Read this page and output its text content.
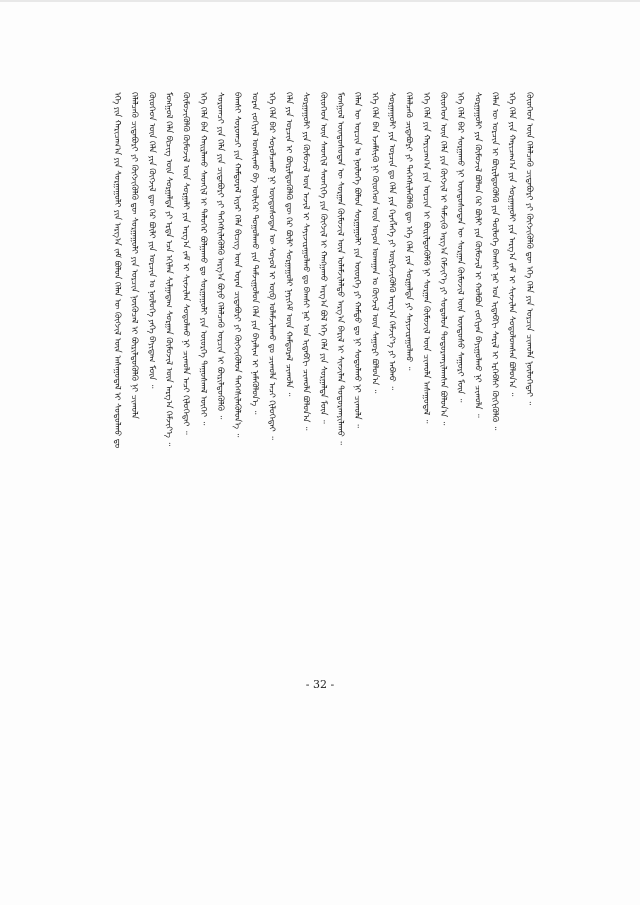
ᠡᠬᠡ ᠶᠢᠨ ᠬᠠᠷᠢᠴᠠᠭ᠎ᠠ ᠶᠢᠨ ᠰᠤᠷᠭᠠᠭᠤᠯᠢ ᠶᠢᠨ ᠠᠷᠭ᠎ᠠ ᠵᠠᠮ ᠪᠤᠯᠤᠨ ᠬᠡᠯᠡᠨ ᠦ ᠬᠦᠭᠵᠢᠯ ᠦᠨ ᠠᠰᠠᠭᠤᠳᠠᠯ ᠢ ᠰᠤᠳᠤᠯᠬᠤ ᠳᠤ ᠬᠡᠯᠡᠯᠴᠡᠬᠦ ᠴᠢᠳᠠᠪᠤᠷᠢ ᠶᠢ ᠬᠥᠭᠵᠢᠭᠦᠯᠬᠦ ᠳᠦ ᠰᠤᠷᠭᠠᠭᠤᠯᠢ ᠶᠢᠨ ᠣᠷᠴᠢᠨ ᠨᠥᠬᠦᠴᠡᠯ ᠢ ᠪᠦᠷᠢᠯᠳᠦᠭᠦᠯᠬᠦ ᠨᠢ ᠴᠢᠬᠤᠯᠠ ᠬᠦᠦᠬᠡᠳ ᠦᠨ ᠬᠡᠯᠡ ᠶᠢᠨ ᠬᠥᠭᠵᠢᠯ ᠳᠦ ᠭᠡᠷ ᠪᠦᠯᠢ ᠶᠢᠨ ᠣᠷᠴᠢᠨ ᠤ ᠨᠥᠯᠥᠭᠡ ᠶᠡᠬᠡ ᠪᠠᠶᠢᠳᠠᠭ ᠮᠥᠨ ᠃ ᠮᠣᠩᠭᠣᠯ ᠬᠡᠯᠡ ᠪᠢᠴᠢᠭ ᠦᠨ ᠰᠤᠷᠭᠠᠯᠳᠠ ᠶᠢ ᠡᠷᠲᠡ ᠡᠴᠡ ᠡᠬᠢᠯᠡᠨ ᠰᠢᠯᠭᠠᠳᠠᠭ ᠰᠤᠷᠭᠠᠨ ᠬᠦᠮᠦᠵᠢᠯ ᠦᠨ ᠠᠷᠭ᠎ᠠ ᠬᠡᠮᠵᠢᠶ᠎ᠡ ᠃ ᠬᠦᠮᠦᠵᠢᠭᠦᠯᠬᠦ ᠬᠦᠮᠦᠵᠢᠯ ᠦᠨ ᠰᠤᠷᠭᠠᠯᠢ ᠶᠢᠨ ᠠᠷᠭ᠎ᠠ ᠵᠠᠮ ᠢ ᠰᠢᠨᠵᠢᠯᠡᠨ ᠰᠤᠳᠤᠯᠬᠤ ᠨᠢ ᠴᠢᠬᠤᠯᠠ ᠠᠴᠢ ᠬᠢᠯᠤᠭᠡᠳᠡᠢ ᠃ ᠡᠬᠡ ᠬᠡᠯᠡ ᠪᠡᠨ ᠬᠠᠢᠷᠯᠠᠬᠤ ᠰᠡᠳᠬᠢᠯ ᠢ ᠲᠡᠯᠦᠭᠡᠷ ᠪᠤᠯᠭᠠᠬᠤ ᠳᠤ ᠰᠤᠷᠭᠠᠭᠤᠯᠢ ᠶᠢᠨ ᠦᠦᠷᠭᠡ ᠳᠠᠭᠤᠰᠬᠠᠯ ᠦᠭᠡᠢ ᠃ ᠰᠤᠷᠤᠭᠴᠢ ᠶᠢᠨ ᠬᠡᠯᠡ ᠶᠢᠨ ᠴᠢᠳᠠᠪᠤᠷᠢ ᠶᠢ ᠳᠡᠭᠡᠭᠰᠢᠯᠡᠭᠦᠯᠬᠦ ᠠᠷᠭ᠎ᠠ ᠪᠤᠶᠤ ᠬᠡᠯᠡᠯᠴᠡᠬᠦ ᠣᠷᠴᠢᠨ ᠢ ᠪᠦᠷᠢᠯᠳᠦᠭᠦᠯᠬᠦ ᠃ ᠪᠠᠭᠰᠢ ᠰᠤᠷᠤᠭᠴᠢ ᠶᠢᠨ ᠬᠠᠮᠲᠤᠷᠠᠯ ᠢᠶᠡᠷ ᠬᠡᠯᠡ ᠪᠢᠴᠢᠭ ᠦᠨ ᠤᠷᠠᠨ ᠴᠢᠳᠠᠪᠤᠷᠢ ᠶᠢ ᠬᠥᠭᠵᠢᠭᠦᠯᠦᠨ ᠳᠡᠭᠡᠭᠰᠢᠯᠡᠭᠦᠯᠦᠨ᠎ᠡ ᠃ ᠤᠷᠠᠨ ᠵᠣᠬᠢᠶᠠᠯ ᠤᠩᠰᠢᠬᠤ ᠪᠠ ᠦᠯᠢᠭᠡᠷ ᠳᠤᠭᠤᠯᠠᠬᠤ ᠶᠢᠨ ᠳᠠᠮᠵᠢᠭᠤᠯᠤᠨ ᠬᠡᠯᠡ ᠶᠢᠨ ᠪᠠᠶᠠᠯᠢᠭ ᠢ ᠨᠡᠮᠡᠭᠦᠯᠦᠨ᠎ᠡ ᠃ ᠡᠬᠡ ᠬᠡᠯᠡ ᠪᠡᠷ ᠰᠤᠷᠤᠯᠴᠠᠬᠤ ᠨᠢ ᠦᠨᠳᠦᠰᠦᠲᠡᠨ ᠦ ᠰᠣᠶᠤᠯ ᠢ ᠥᠪ ᠤᠯᠠᠮᠵᠢᠯᠠᠬᠤ ᠳᠤ ᠴᠢᠬᠤᠯᠠ ᠠᠴᠢ ᠬᠢᠯᠤᠭᠡᠳᠡᠢ ᠃ ᠬᠡᠯᠡ ᠶᠢᠨ ᠣᠷᠴᠢᠨ ᠢ ᠪᠦᠷᠢᠯᠳᠦᠭᠦᠯᠬᠦ ᠳᠦ ᠭᠡᠷ ᠪᠦᠯᠢ ᠰᠤᠷᠭᠠᠭᠤᠯᠢ ᠨᠡᠶᠢᠭᠡᠮ ᠦᠨ ᠬᠠᠮᠲᠤᠷᠠᠯ ᠴᠢᠬᠤᠯᠠ ᠃ ᠰᠤᠷᠭᠠᠭᠤᠯᠢ ᠶᠢᠨ ᠬᠦᠮᠦᠵᠢᠯ ᠦᠨ ᠠᠵᠢᠯ ᠢ ᠰᠠᠶᠢᠵᠢᠷᠠᠭᠤᠯᠬᠤ ᠳᠤ ᠪᠠᠭᠰᠢ ᠨᠠᠷ ᠤᠨ ᠢᠳᠡᠪᠬᠢ ᠴᠢᠬᠤᠯᠠ ᠪᠤᠯᠤᠨ᠎ᠠ ᠃ ᠬᠦᠦᠬᠡᠳ ᠦᠨ ᠰᠡᠳᠬᠢᠯ ᠰᠡᠳᠬᠢᠭᠡ ᠶᠢᠨ ᠬᠥᠭᠵᠢᠯ ᠢ ᠬᠠᠩᠭᠠᠬᠤ ᠠᠷᠭ᠎ᠠ ᠪᠤᠯ ᠡᠬᠡ ᠬᠡᠯᠡ ᠶᠢᠨ ᠰᠤᠷᠭᠠᠯᠳᠠ ᠮᠥᠨ ᠃ ᠮᠣᠩᠭᠣᠯ ᠦᠨᠳᠦᠰᠦᠲᠡᠨ ᠦ ᠰᠤᠷᠭᠠᠨ ᠬᠦᠮᠦᠵᠢᠯ ᠦᠨ ᠤᠯᠠᠮᠵᠢᠯᠠᠯᠲᠤ ᠠᠷᠭ᠎ᠠ ᠪᠠᠷᠢᠯ ᠢ ᠰᠢᠨᠵᠢᠯᠡᠨ ᠲᠣᠳᠤᠷᠬᠠᠶᠢᠯᠠᠬᠤ ᠃ ᠬᠡᠯᠡᠨ ᠦ ᠣᠷᠴᠢᠨ ᠤ ᠨᠥᠯᠥᠭᠡ ᠪᠤᠯᠤᠨ ᠰᠤᠷᠭᠠᠭᠤᠯᠢ ᠶᠢᠨ ᠦᠦᠷᠭᠡ ᠶᠢ ᠬᠠᠮᠲᠤ ᠳᠤ ᠨᠢ ᠰᠤᠳᠤᠯᠬᠤ ᠨᠢ ᠴᠢᠬᠤᠯᠠ ᠃ ᠡᠬᠡ ᠬᠡᠯᠡ ᠪᠡᠨ ᠡᠵᠡᠮᠰᠢᠬᠦ ᠨᠢ ᠬᠦᠦᠬᠡᠳ ᠦᠨ ᠣᠶᠤᠨ ᠤᠬᠠᠭᠠᠨ ᠤ ᠬᠥᠭᠵᠢᠯ ᠦᠨ ᠰᠠᠭᠤᠷᠢ ᠪᠤᠯᠤᠨ᠎ᠠ ᠃ ᠰᠤᠷᠭᠠᠭᠤᠯᠢ ᠶᠢᠨ ᠣᠷᠴᠢᠨ ᠳᠤ ᠬᠡᠯᠡ ᠶᠢᠨ ᠬᠡᠷᠡᠭᠯᠡᠭᠡ ᠶᠢ ᠥᠷᠭᠡᠵᠢᠭᠦᠯᠬᠦ ᠠᠷᠭ᠎ᠠ ᠬᠡᠮᠵᠢᠶ᠎ᠡ ᠶᠢ ᠠᠪᠬᠤ ᠃ ᠬᠡᠯᠡᠯᠴᠡᠬᠦ ᠴᠢᠳᠠᠪᠤᠷᠢ ᠶᠢ ᠳᠡᠭᠡᠭᠰᠢᠯᠡᠭᠦᠯᠬᠦ ᠳᠦ ᠡᠬᠡ ᠬᠡᠯᠡ ᠶᠢᠨ ᠰᠤᠷᠭᠠᠯᠳᠠ ᠶᠢ ᠰᠠᠶᠢᠵᠢᠷᠠᠭᠤᠯᠬᠤ ᠃ ᠡᠬᠡ ᠬᠡᠯᠡ ᠶᠢᠨ ᠬᠠᠷᠢᠴᠠᠭ᠎ᠠ ᠶᠢᠨ ᠣᠷᠴᠢᠨ ᠢ ᠪᠦᠷᠢᠯᠳᠦᠭᠦᠯᠬᠦ ᠨᠢ ᠰᠤᠷᠭᠠᠨ ᠬᠦᠮᠦᠵᠢᠯ ᠦᠨ ᠴᠢᠬᠤᠯᠠ ᠠᠰᠠᠭᠤᠳᠠᠯ ᠃ ᠬᠦᠦᠬᠡᠳ ᠦᠨ ᠬᠡᠯᠡ ᠶᠢᠨ ᠬᠥᠭᠵᠢᠯ ᠢ ᠳᠡᠮᠵᠢᠬᠦ ᠠᠷᠭ᠎ᠠ ᠬᠡᠮᠵᠢᠶ᠎ᠡ ᠶᠢ ᠰᠤᠳᠤᠯᠤᠨ ᠲᠣᠳᠤᠷᠬᠠᠶᠢᠯᠠᠭᠰᠠᠨ ᠪᠣᠯᠤᠨ᠎ᠠ ᠃ ᠡᠬᠡ ᠬᠡᠯᠡ ᠪᠡᠷ ᠰᠤᠷᠭᠠᠬᠤ ᠨᠢ ᠦᠨᠳᠦᠰᠦᠲᠡᠨ ᠦ ᠰᠤᠷᠭᠠᠨ ᠬᠦᠮᠦᠵᠢᠯ ᠦᠨ ᠦᠨᠳᠦᠰᠦ ᠰᠠᠭᠤᠷᠢ ᠮᠥᠨ ᠃ ᠰᠤᠷᠭᠠᠭᠤᠯᠢ ᠶᠢᠨ ᠬᠦᠮᠦᠵᠢᠯ ᠪᠤᠯᠤᠨ ᠭᠡᠷ ᠪᠦᠯᠢ ᠶᠢᠨ ᠬᠦᠮᠦᠵᠢᠯ ᠢ ᠬᠣᠯᠪᠣᠨ ᠵᠣᠬᠢᠶᠠᠨ ᠪᠠᠶᠢᠭᠤᠯᠬᠤ ᠨᠢ ᠴᠢᠬᠤᠯᠠ ᠃ ᠬᠡᠯᠡᠨ ᠦ ᠣᠷᠴᠢᠨ ᠢ ᠪᠦᠷᠢᠯᠳᠦᠭᠦᠯᠬᠦ ᠶᠢᠨ ᠲᠥᠯᠥᠭᠡ ᠪᠠᠭᠰᠢ ᠨᠠᠷ ᠤᠨ ᠢᠳᠡᠪᠬᠢ ᠰᠠᠷᠢᠯ ᠢ ᠡᠷᠬᠡᠪᠰᠢ ᠬᠥᠬᠢᠭᠦᠯᠬᠦ ᠃ ᠡᠬᠡ ᠬᠡᠯᠡ ᠶᠢᠨ ᠬᠠᠷᠢᠴᠠᠭ᠎ᠠ ᠶᠢᠨ ᠰᠤᠷᠭᠠᠭᠤᠯᠢ ᠶᠢᠨ ᠠᠷᠭ᠎ᠠ ᠵᠠᠮ ᠢ ᠰᠢᠨᠵᠢᠯᠡᠨ ᠰᠤᠳᠤᠯᠤᠭᠰᠠᠨ ᠪᠣᠯᠤᠨ᠎ᠠ ᠃ ᠬᠦᠦᠬᠡᠳ ᠦᠨ ᠬᠡᠯᠡᠯᠴᠡᠬᠦ ᠴᠢᠳᠠᠪᠤᠷᠢ ᠶᠢ ᠬᠥᠭᠵᠢᠭᠦᠯᠬᠦ ᠳᠦ ᠡᠬᠡ ᠬᠡᠯᠡ ᠶᠢᠨ ᠣᠷᠴᠢᠨ ᠴᠢᠬᠤᠯᠠ ᠨᠥᠯᠥᠭᠡᠲᠡᠢ ᠃
- 32 -
